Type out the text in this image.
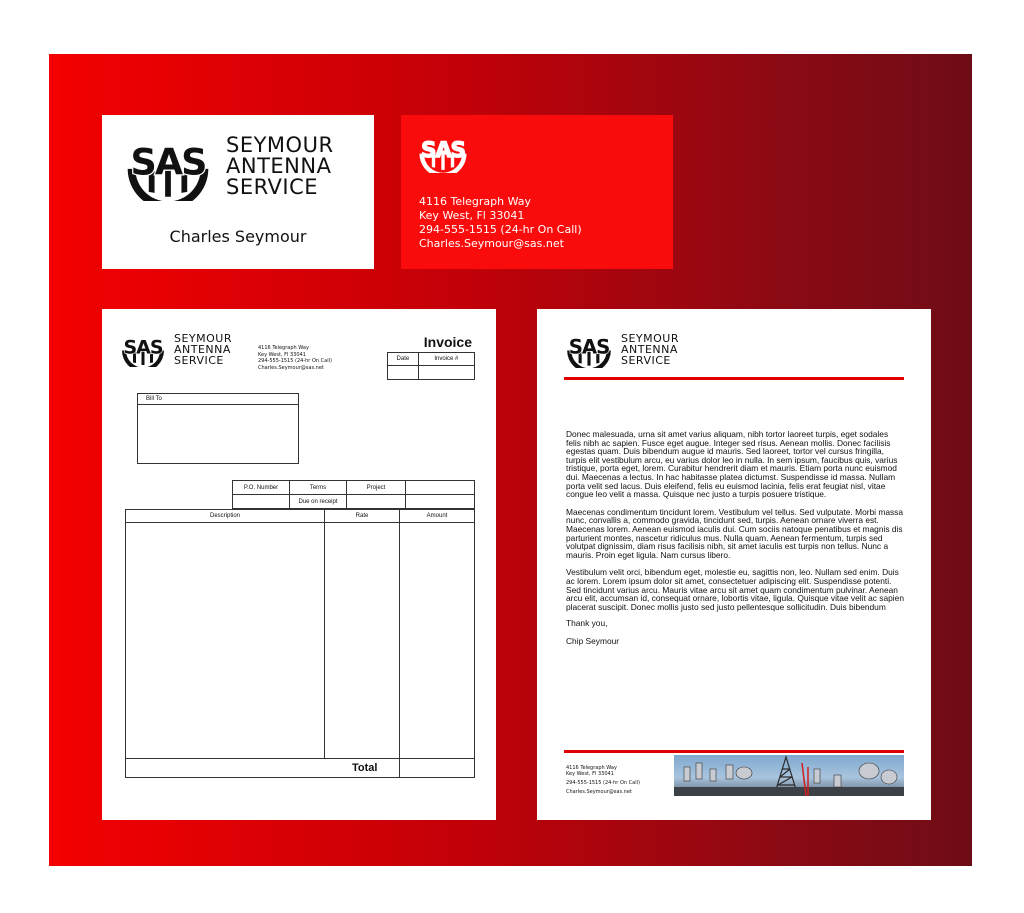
SEYMOUR
ANTENNA
SERVICE
Charles Seymour
4116 Telegraph Way
Key West, Fl 33041
294-555-1515 (24-hr On Call)
Charles.Seymour@sas.net
SEYMOUR
ANTENNA
SERVICE
4116 Telegraph Way
Key West, Fl 33041
294-555-1515 (24-hr On Call)
Charles.Seymour@sas.net
Invoice
Date	Invoice #

Bill To
P.O. Number	Terms	Project	
	Due on receipt		
Description	Rate	Amount

Total		
SEYMOUR
ANTENNA
SERVICE

Donec malesuada, urna sit amet varius aliquam, nibh tortor laoreet turpis, eget sodales felis nibh ac sapien. Fusce eget augue. Integer sed risus. Aenean mollis. Donec facilisis egestas quam. Duis bibendum augue id mauris. Sed laoreet, tortor vel cursus fringilla, turpis elit vestibulum arcu, eu varius dolor leo in nulla. In sem ipsum, faucibus quis, varius tristique, porta eget, lorem. Curabitur hendrerit diam et mauris. Etiam porta nunc euismod dui. Maecenas a lectus. In hac habitasse platea dictumst. Suspendisse id massa. Nullam porta velit sed lacus. Duis eleifend, felis eu euismod lacinia, felis erat feugiat nisl, vitae congue leo velit a massa. Quisque nec justo a turpis posuere tristique.

Maecenas condimentum tincidunt lorem. Vestibulum vel tellus. Sed vulputate. Morbi massa nunc, convallis a, commodo gravida, tincidunt sed, turpis. Aenean ornare viverra est. Maecenas lorem. Aenean euismod iaculis dui. Cum sociis natoque penatibus et magnis dis parturient montes, nascetur ridiculus mus. Nulla quam. Aenean fermentum, turpis sed volutpat dignissim, diam risus facilisis nibh, sit amet iaculis est turpis non tellus. Nunc a mauris. Proin eget ligula. Nam cursus libero.

Vestibulum velit orci, bibendum eget, molestie eu, sagittis non, leo. Nullam sed enim. Duis ac lorem. Lorem ipsum dolor sit amet, consectetuer adipiscing elit. Suspendisse potenti. Sed tincidunt varius arcu. Mauris vitae arcu sit amet quam condimentum pulvinar. Aenean arcu elit, accumsan id, consequat ornare, lobortis vitae, ligula. Quisque vitae velit ac sapien placerat suscipit. Donec mollis justo sed justo pellentesque sollicitudin. Duis bibendum

Thank you,

Chip Seymour

4116 Telegraph Way
Key West, Fl 33041
294-555-1515 (24-hr On Call)
Charles.Seymour@sas.net
